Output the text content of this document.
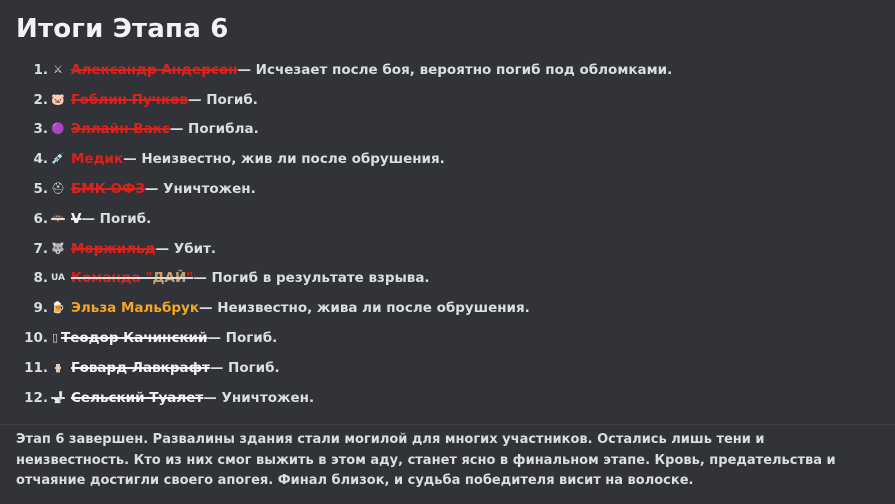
Итоги Этапа 6
1. ⚔ Александр Андерсон — Исчезает после боя, вероятно погиб под обломками.
2. 🐷 Гоблин Пучков — Погиб.
3. 🟣 Эллайн Вакс — Погибла.
4. 💉 Медик — Неизвестно, жив ли после обрушения.
5. ⛑ БМК ОФЗ — Уничтожен.
6. 🦇 V — Погиб.
7. 🐺 Моржильд — Убит.
8. UA Команда "ДАЙ" — Погиб в результате взрыва.
9. 🍺 Эльза Мальбрук — Неизвестно, жива ли после обрушения.
10. ▯ Теодор Качинский — Погиб.
11. ▮ Говард Лавкрафт — Погиб.
12. 🚽 Сельский Туалет — Уничтожен.
Этап 6 завершен. Развалины здания стали могилой для многих участников. Остались лишь тени и неизвестность. Кто из них смог выжить в этом аду, станет ясно в финальном этапе. Кровь, предательства и отчаяние достигли своего апогея. Финал близок, и судьба победителя висит на волоске.
